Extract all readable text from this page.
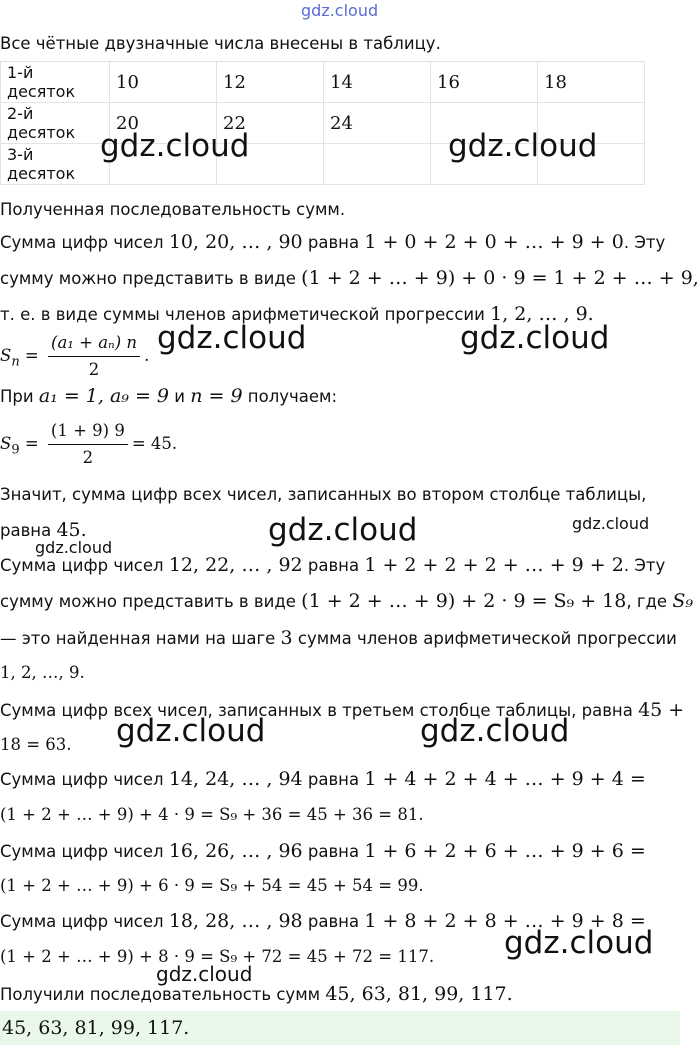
gdz.cloud
Все чётные двузначные числа внесены в таблицу.
1-й десяток	10	12	14	16	18
2-й десяток	20	22	24		
3-й десяток					
Полученная последовательность сумм.
Сумма цифр чисел 10, 20, … , 90 равна 1 + 0 + 2 + 0 + … + 9 + 0. Эту
сумму можно представить в виде (1 + 2 + … + 9) + 0 · 9 = 1 + 2 + … + 9,
т. е. в виде суммы членов арифметической прогрессии 1, 2, … , 9.
$S_n = \frac{\text{(a₁ + aₙ) n}}{2}$ .
При a₁ = 1, a₉ = 9 и n = 9 получаем:
$S_9 = \frac{(1 + 9) 9}{2} = 45$.
Значит, сумма цифр всех чисел, записанных во втором столбце таблицы,
равна 45.
Сумма цифр чисел 12, 22, … , 92 равна 1 + 2 + 2 + 2 + … + 9 + 2. Эту
сумму можно представить в виде (1 + 2 + … + 9) + 2 · 9 = S₉ + 18, где S₉
— это найденная нами на шаге 3 сумма членов арифметической прогрессии
1, 2, …, 9.
Сумма цифр всех чисел, записанных в третьем столбце таблицы, равна 45 +
18 = 63.
Сумма цифр чисел 14, 24, … , 94 равна 1 + 4 + 2 + 4 + … + 9 + 4 =
(1 + 2 + … + 9) + 4 · 9 = S₉ + 36 = 45 + 36 = 81.
Сумма цифр чисел 16, 26, … , 96 равна 1 + 6 + 2 + 6 + … + 9 + 6 =
(1 + 2 + … + 9) + 6 · 9 = S₉ + 54 = 45 + 54 = 99.
Сумма цифр чисел 18, 28, … , 98 равна 1 + 8 + 2 + 8 + … + 9 + 8 =
(1 + 2 + … + 9) + 8 · 9 = S₉ + 72 = 45 + 72 = 117.
Получили последовательность сумм 45, 63, 81, 99, 117.
45, 63, 81, 99, 117.
gdz.cloud	gdz.cloud
gdz.cloud	gdz.cloud
gdz.cloud	gdz.cloud
gdz.cloud
gdz.cloud	gdz.cloud
gdz.cloud
gdz.cloud
